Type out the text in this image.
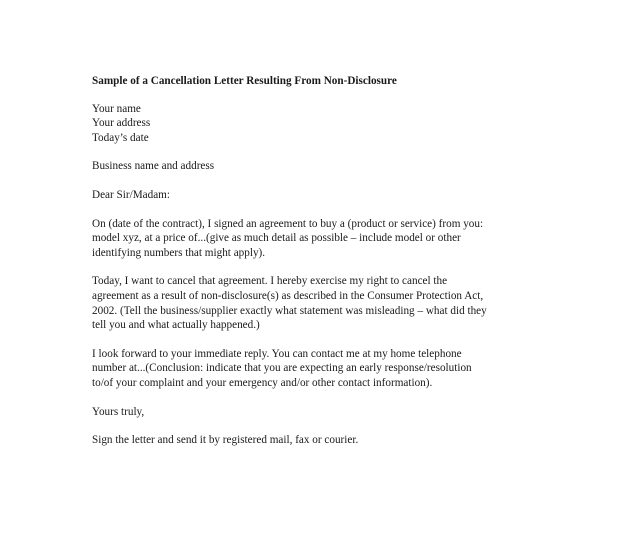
Sample of a Cancellation Letter Resulting From Non-Disclosure
Your name
Your address
Today’s date
Business name and address
Dear Sir/Madam:
On (date of the contract), I signed an agreement to buy a (product or service) from you:
model xyz, at a price of...(give as much detail as possible – include model or other
identifying numbers that might apply).
Today, I want to cancel that agreement. I hereby exercise my right to cancel the
agreement as a result of non-disclosure(s) as described in the Consumer Protection Act,
2002. (Tell the business/supplier exactly what statement was misleading – what did they
tell you and what actually happened.)
I look forward to your immediate reply. You can contact me at my home telephone
number at...(Conclusion: indicate that you are expecting an early response/resolution
to/of your complaint and your emergency and/or other contact information).
Yours truly,
Sign the letter and send it by registered mail, fax or courier.
